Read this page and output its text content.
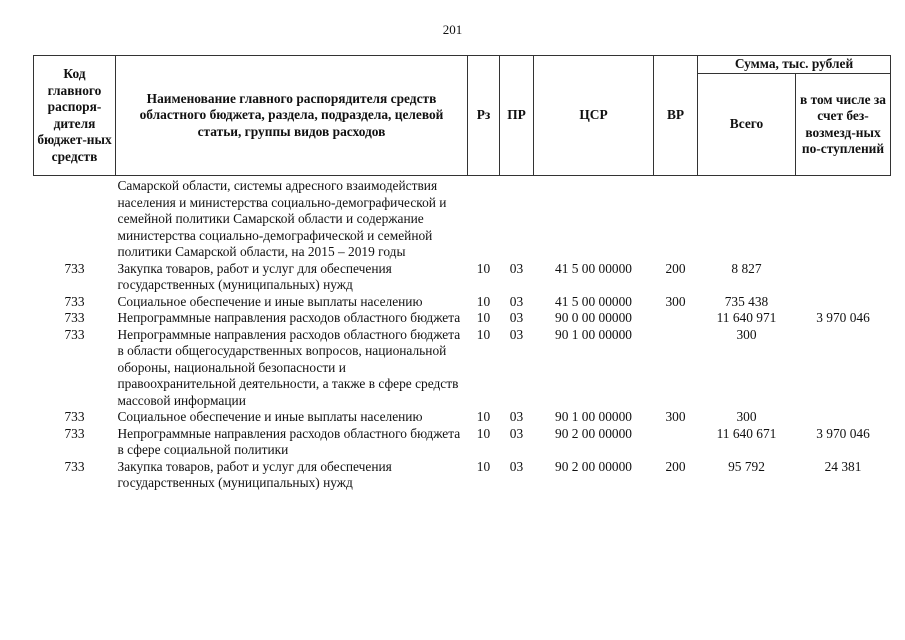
201
Код главного распоря-дителя бюджет-ных средств	Наименование главного распорядителя средств областного бюджета, раздела, подраздела, целевой статьи, группы видов расходов	Рз	ПР	ЦСР	ВР	Сумма, тыс. рублей	
						Всего	в том числе за счет без-возмезд-ных по-ступлений

	Самарской области, системы адресного взаимодействия населения и министерства социально-демографической и семейной политики Самарской области и содержание министерства социально-демографической и семейной политики Самарской области, на 2015 – 2019 годы						
733	Закупка товаров, работ и услуг для обеспечения государственных (муниципальных) нужд	10	03	41 5 00 00000	200	8 827	
733	Социальное обеспечение и иные выплаты населению	10	03	41 5 00 00000	300	735 438	
733	Непрограммные направления расходов областного бюджета	10	03	90 0 00 00000		11 640 971	3 970 046
733	Непрограммные направления расходов областного бюджета в области общегосударственных вопросов, национальной обороны, национальной безопасности и правоохранительной деятельности, а также в сфере средств массовой информации	10	03	90 1 00 00000		300	
733	Социальное обеспечение и иные выплаты населению	10	03	90 1 00 00000	300	300	
733	Непрограммные направления расходов областного бюджета в сфере социальной политики	10	03	90 2 00 00000		11 640 671	3 970 046
733	Закупка товаров, работ и услуг для обеспечения государственных (муниципальных) нужд	10	03	90 2 00 00000	200	95 792	24 381
